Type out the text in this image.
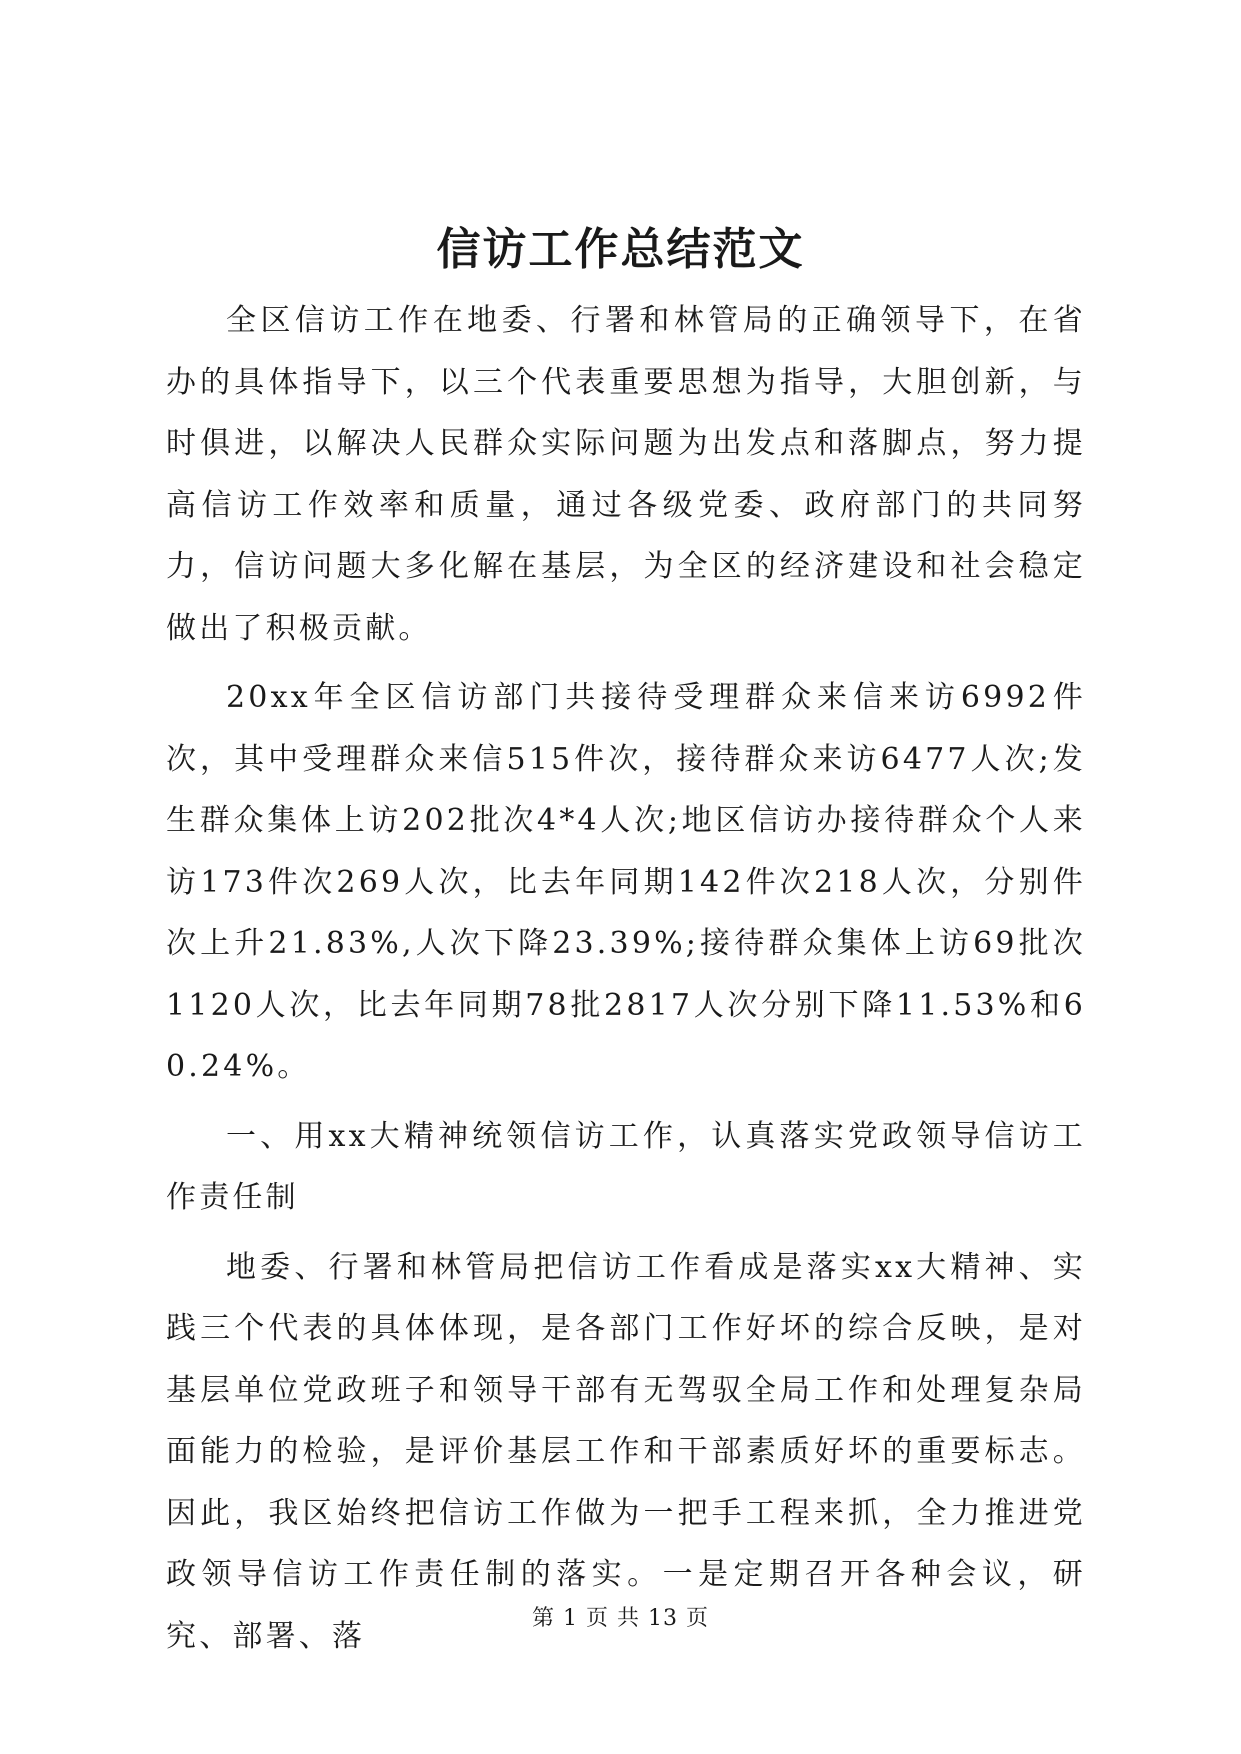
信访工作总结范文

全区信访工作在地委、行署和林管局的正确领导下，在省办的具体指导下，以三个代表重要思想为指导，大胆创新，与时俱进，以解决人民群众实际问题为出发点和落脚点，努力提高信访工作效率和质量，通过各级党委、政府部门的共同努力，信访问题大多化解在基层，为全区的经济建设和社会稳定做出了积极贡献。

20xx年全区信访部门共接待受理群众来信来访6992件次，其中受理群众来信515件次，接待群众来访6477人次;发生群众集体上访202批次4*4人次;地区信访办接待群众个人来访173件次269人次，比去年同期142件次218人次，分别件次上升21.83%,人次下降23.39%;接待群众集体上访69批次1120人次，比去年同期78批2817人次分别下降11.53%和60.24%。

一、用xx大精神统领信访工作，认真落实党政领导信访工作责任制

地委、行署和林管局把信访工作看成是落实xx大精神、实践三个代表的具体体现，是各部门工作好坏的综合反映，是对基层单位党政班子和领导干部有无驾驭全局工作和处理复杂局面能力的检验，是评价基层工作和干部素质好坏的重要标志。因此，我区始终把信访工作做为一把手工程来抓，全力推进党政领导信访工作责任制的落实。一是定期召开各种会议，研究、部署、落	第 1 页 共 13 页
